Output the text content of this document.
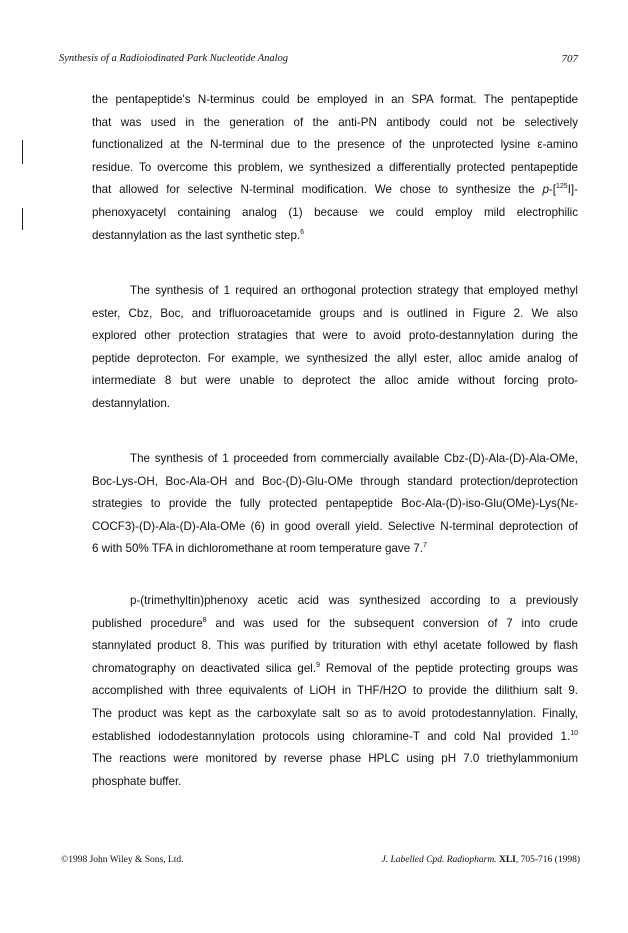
Synthesis of a Radioiodinated Park Nucleotide Analog	707
the pentapeptide's N-terminus could be employed in an SPA format. The pentapeptide
that was used in the generation of the anti-PN antibody could not be selectively
functionalized at the N-terminal due to the presence of the unprotected lysine ε-amino
residue. To overcome this problem, we synthesized a differentially protected pentapeptide
that allowed for selective N-terminal modification. We chose to synthesize the p-[$^{125}$I]-
phenoxyacetyl containing analog (1) because we could employ mild electrophilic
destannylation as the last synthetic step.$^6$
The synthesis of 1 required an orthogonal protection strategy that employed methyl
ester, Cbz, Boc, and trifluoroacetamide groups and is outlined in Figure 2. We also
explored other protection stratagies that were to avoid proto-destannylation during the
peptide deprotecton. For example, we synthesized the allyl ester, alloc amide analog of
intermediate 8 but were unable to deprotect the alloc amide without forcing proto-
destannylation.
The synthesis of 1 proceeded from commercially available Cbz-(D)-Ala-(D)-Ala-OMe,
Boc-Lys-OH, Boc-Ala-OH and Boc-(D)-Glu-OMe through standard protection/deprotection
strategies to provide the fully protected pentapeptide Boc-Ala-(D)-iso-Glu(OMe)-Lys(Nε-
COCF3)-(D)-Ala-(D)-Ala-OMe (6) in good overall yield. Selective N-terminal deprotection of
6 with 50% TFA in dichloromethane at room temperature gave 7.$^7$
p-(trimethyltin)phenoxy acetic acid was synthesized according to a previously
published procedure$^8$ and was used for the subsequent conversion of 7 into crude
stannylated product 8. This was purified by trituration with ethyl acetate followed by flash
chromatography on deactivated silica gel.$^9$ Removal of the peptide protecting groups was
accomplished with three equivalents of LiOH in THF/H2O to provide the dilithium salt 9.
The product was kept as the carboxylate salt so as to avoid protodestannylation. Finally,
established iododestannylation protocols using chloramine-T and cold NaI provided 1.10
The reactions were monitored by reverse phase HPLC using pH 7.0 triethylammonium
phosphate buffer.
©1998 John Wiley & Sons, Ltd.	J. Labelled Cpd. Radiopharm. XLI, 705-716 (1998)
